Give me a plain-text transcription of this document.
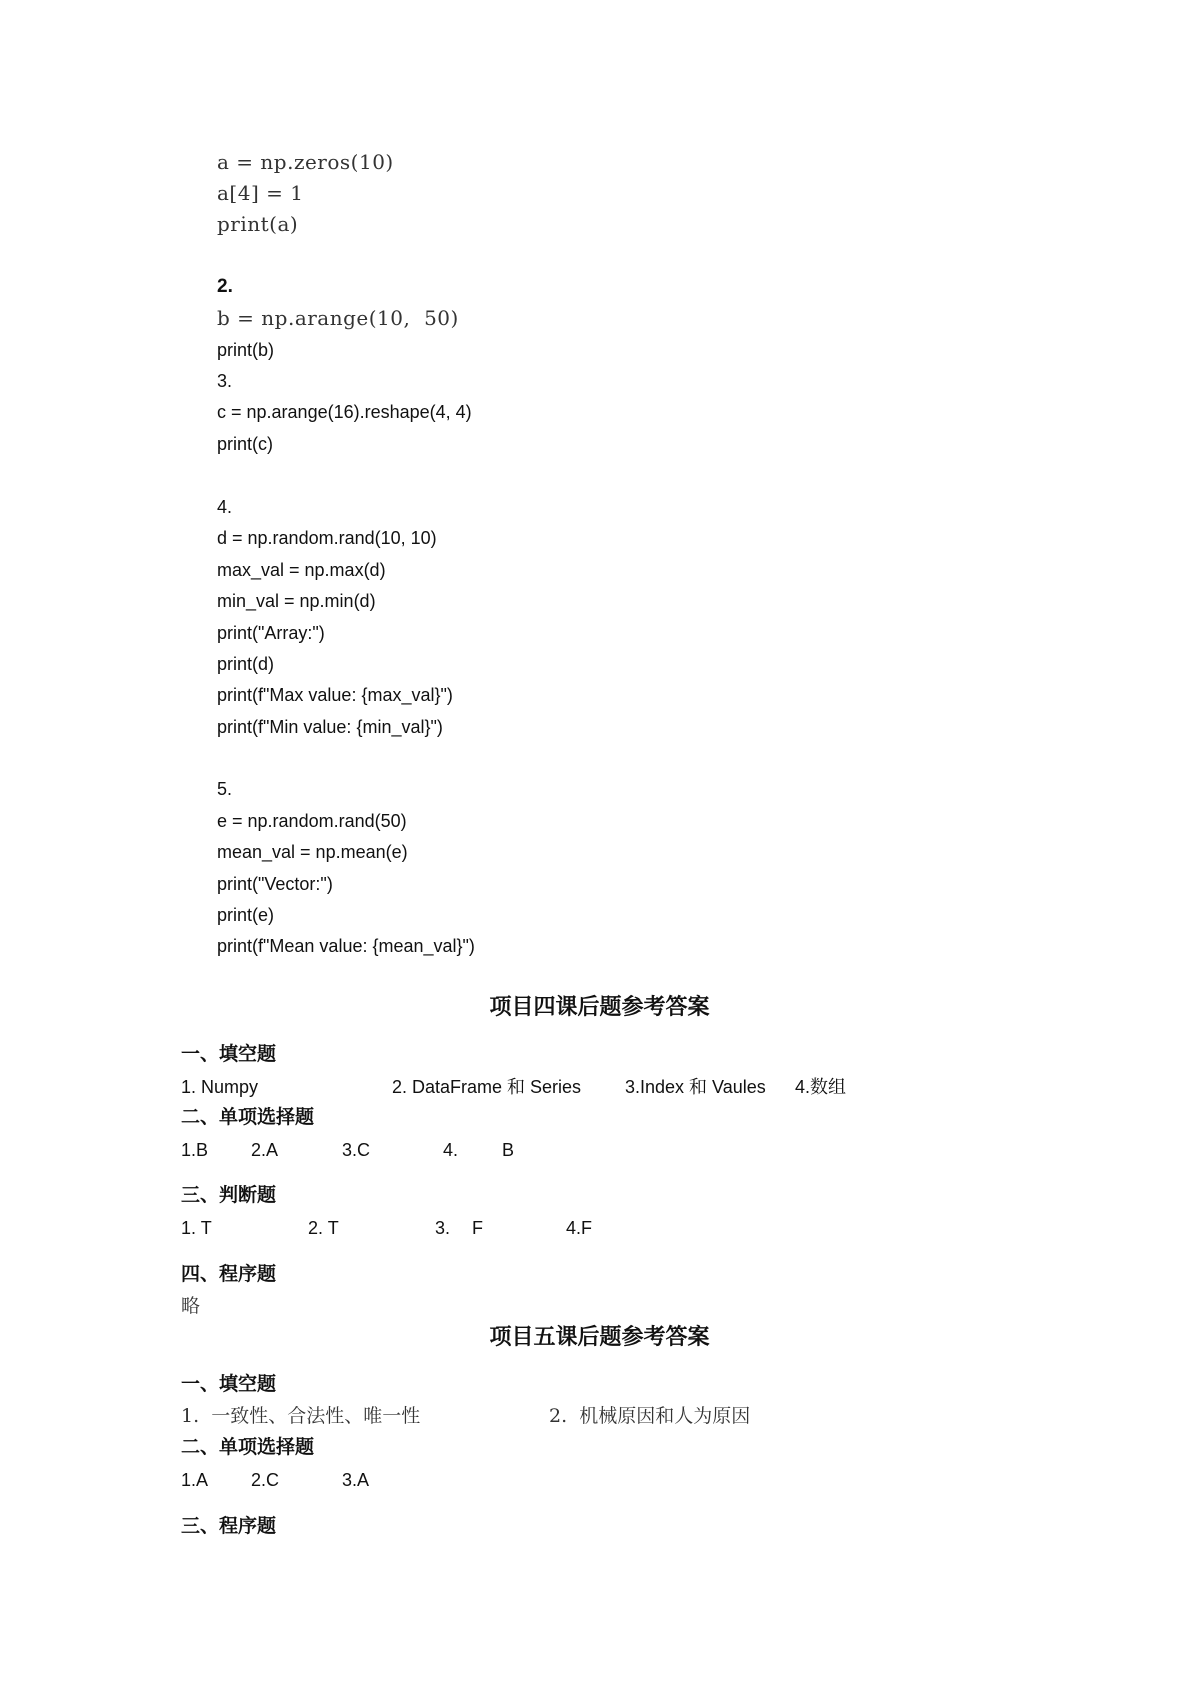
a = np.zeros(10)
a[4] = 1
print(a)
2.
b = np.arange(10,  50)
print(b)
3.
c = np.arange(16).reshape(4, 4)
print(c)
4.
d = np.random.rand(10, 10)
max_val = np.max(d)
min_val = np.min(d)
print("Array:")
print(d)
print(f"Max value: {max_val}")
print(f"Min value: {min_val}")
5.
e = np.random.rand(50)
mean_val = np.mean(e)
print("Vector:")
print(e)
print(f"Mean value: {mean_val}")
项目四课后题参考答案
一、填空题
1. Numpy	2. DataFrame 和 Series 3.Index 和 Vaules 4.数组
二、单项选择题
1.B 2.A	3.C	4. B
三、判断题
1. T	2. T	3. F	4.F
四、程序题
略
项目五课后题参考答案
一、填空题
1.  一致性、合法性、唯一性	2.  机械原因和人为原因
二、单项选择题
1.A 2.C	3.A
三、程序题
